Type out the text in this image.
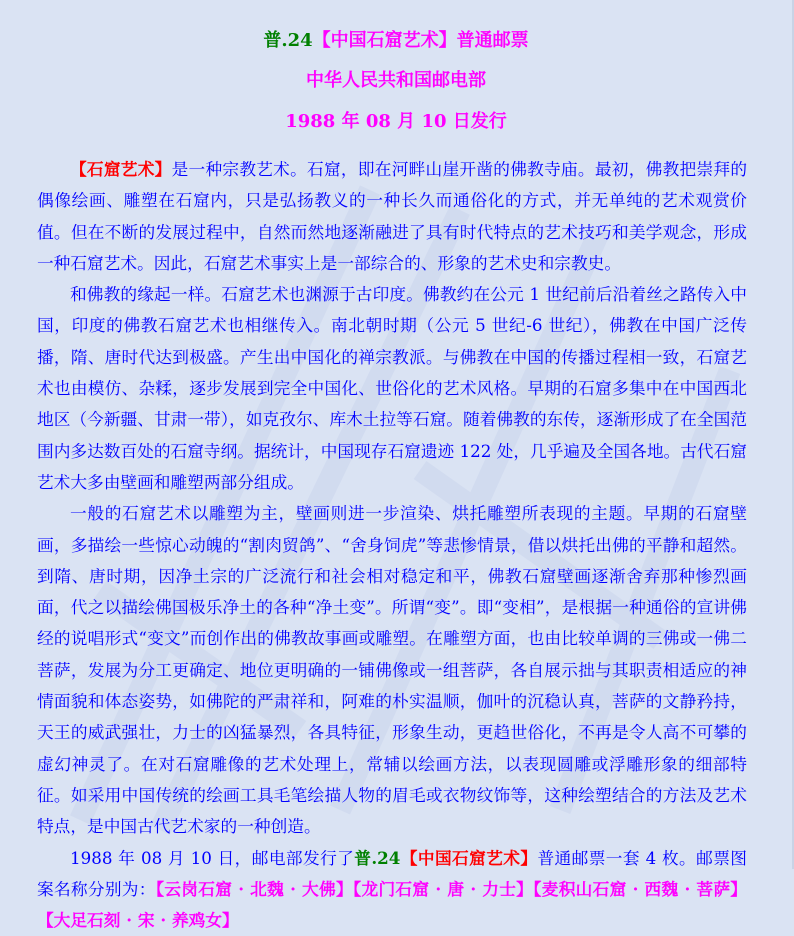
普.24【中国石窟艺术】普通邮票
中华人民共和国邮电部
1988 年 08 月 10 日发行

【石窟艺术】是一种宗教艺术。石窟，即在河畔山崖开凿的佛教寺庙。最初，佛教把崇拜的偶像绘画、雕塑在石窟内，只是弘扬教义的一种长久而通俗化的方式，并无单纯的艺术观赏价值。但在不断的发展过程中，自然而然地逐渐融进了具有时代特点的艺术技巧和美学观念，形成一种石窟艺术。因此，石窟艺术事实上是一部综合的、形象的艺术史和宗教史。

和佛教的缘起一样。石窟艺术也渊源于古印度。佛教约在公元 1 世纪前后沿着丝之路传入中国，印度的佛教石窟艺术也相继传入。南北朝时期（公元 5 世纪-6 世纪），佛教在中国广泛传播，隋、唐时代达到极盛。产生出中国化的禅宗教派。与佛教在中国的传播过程相一致，石窟艺术也由模仿、杂糅，逐步发展到完全中国化、世俗化的艺术风格。早期的石窟多集中在中国西北地区（今新疆、甘肃一带），如克孜尔、库木土拉等石窟。随着佛教的东传，逐渐形成了在全国范围内多达数百处的石窟寺纲。据统计，中国现存石窟遗迹 122 处，几乎遍及全国各地。古代石窟艺术大多由壁画和雕塑两部分组成。

一般的石窟艺术以雕塑为主，壁画则进一步渲染、烘托雕塑所表现的主题。早期的石窟壁画，多描绘一些惊心动魄的“割肉贸鸽”、“舍身饲虎”等悲惨情景，借以烘托出佛的平静和超然。到隋、唐时期，因净土宗的广泛流行和社会相对稳定和平，佛教石窟壁画逐渐舍弃那种惨烈画面，代之以描绘佛国极乐净土的各种“净土变”。所谓“变”。即“变相”，是根据一种通俗的宣讲佛经的说唱形式“变文”而创作出的佛教故事画或雕塑。在雕塑方面，也由比较单调的三佛或一佛二菩萨，发展为分工更确定、地位更明确的一铺佛像或一组菩萨，各自展示拙与其职责相适应的神情面貌和体态姿势，如佛陀的严肃祥和，阿难的朴实温顺，伽叶的沉稳认真，菩萨的文静矜持，天王的威武强壮，力士的凶猛暴烈，各具特征，形象生动，更趋世俗化，不再是令人高不可攀的虚幻神灵了。在对石窟雕像的艺术处理上，常辅以绘画方法，以表现圆雕或浮雕形象的细部特征。如采用中国传统的绘画工具毛笔绘描人物的眉毛或衣物纹饰等，这种绘塑结合的方法及艺术特点，是中国古代艺术家的一种创造。

1988 年 08 月 10 日，邮电部发行了普.24【中国石窟艺术】普通邮票一套 4 枚。邮票图案名称分别为：【云岗石窟 · 北魏 · 大佛】【龙门石窟 · 唐 · 力士】【麦积山石窟 · 西魏 · 菩萨】【大足石刻 · 宋 · 养鸡女】
